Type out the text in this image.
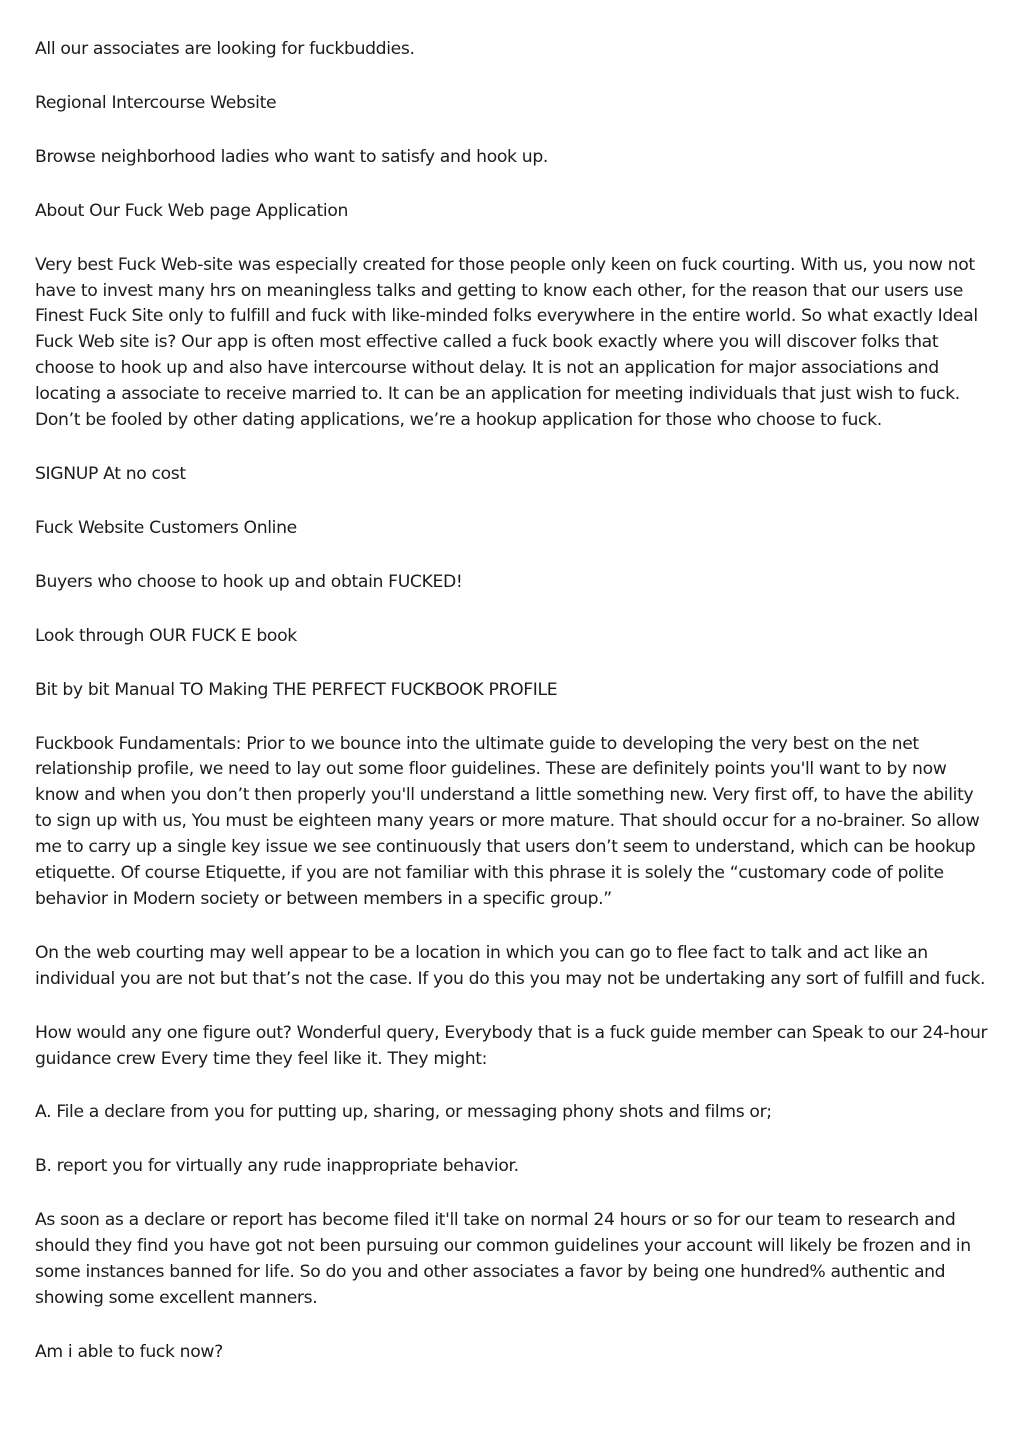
All our associates are looking for fuckbuddies.

Regional Intercourse Website

Browse neighborhood ladies who want to satisfy and hook up.

About Our Fuck Web page Application

Very best Fuck Web-site was especially created for those people only keen on fuck courting. With us, you now not have to invest many hrs on meaningless talks and getting to know each other, for the reason that our users use Finest Fuck Site only to fulfill and fuck with like-minded folks everywhere in the entire world. So what exactly Ideal Fuck Web site is? Our app is often most effective called a fuck book exactly where you will discover folks that choose to hook up and also have intercourse without delay. It is not an application for major associations and locating a associate to receive married to. It can be an application for meeting individuals that just wish to fuck. Don’t be fooled by other dating applications, we’re a hookup application for those who choose to fuck.

SIGNUP At no cost

Fuck Website Customers Online

Buyers who choose to hook up and obtain FUCKED!

Look through OUR FUCK E book

Bit by bit Manual TO Making THE PERFECT FUCKBOOK PROFILE

Fuckbook Fundamentals: Prior to we bounce into the ultimate guide to developing the very best on the net relationship profile, we need to lay out some floor guidelines. These are definitely points you'll want to by now know and when you don’t then properly you'll understand a little something new. Very first off, to have the ability to sign up with us, You must be eighteen many years or more mature. That should occur for a no-brainer. So allow me to carry up a single key issue we see continuously that users don’t seem to understand, which can be hookup etiquette. Of course Etiquette, if you are not familiar with this phrase it is solely the “customary code of polite behavior in Modern society or between members in a specific group.”

On the web courting may well appear to be a location in which you can go to flee fact to talk and act like an individual you are not but that’s not the case. If you do this you may not be undertaking any sort of fulfill and fuck.

How would any one figure out? Wonderful query, Everybody that is a fuck guide member can Speak to our 24-hour guidance crew Every time they feel like it. They might:

A. File a declare from you for putting up, sharing, or messaging phony shots and films or;

B. report you for virtually any rude inappropriate behavior.

As soon as a declare or report has become filed it'll take on normal 24 hours or so for our team to research and should they find you have got not been pursuing our common guidelines your account will likely be frozen and in some instances banned for life. So do you and other associates a favor by being one hundred% authentic and showing some excellent manners.

Am i able to fuck now?
